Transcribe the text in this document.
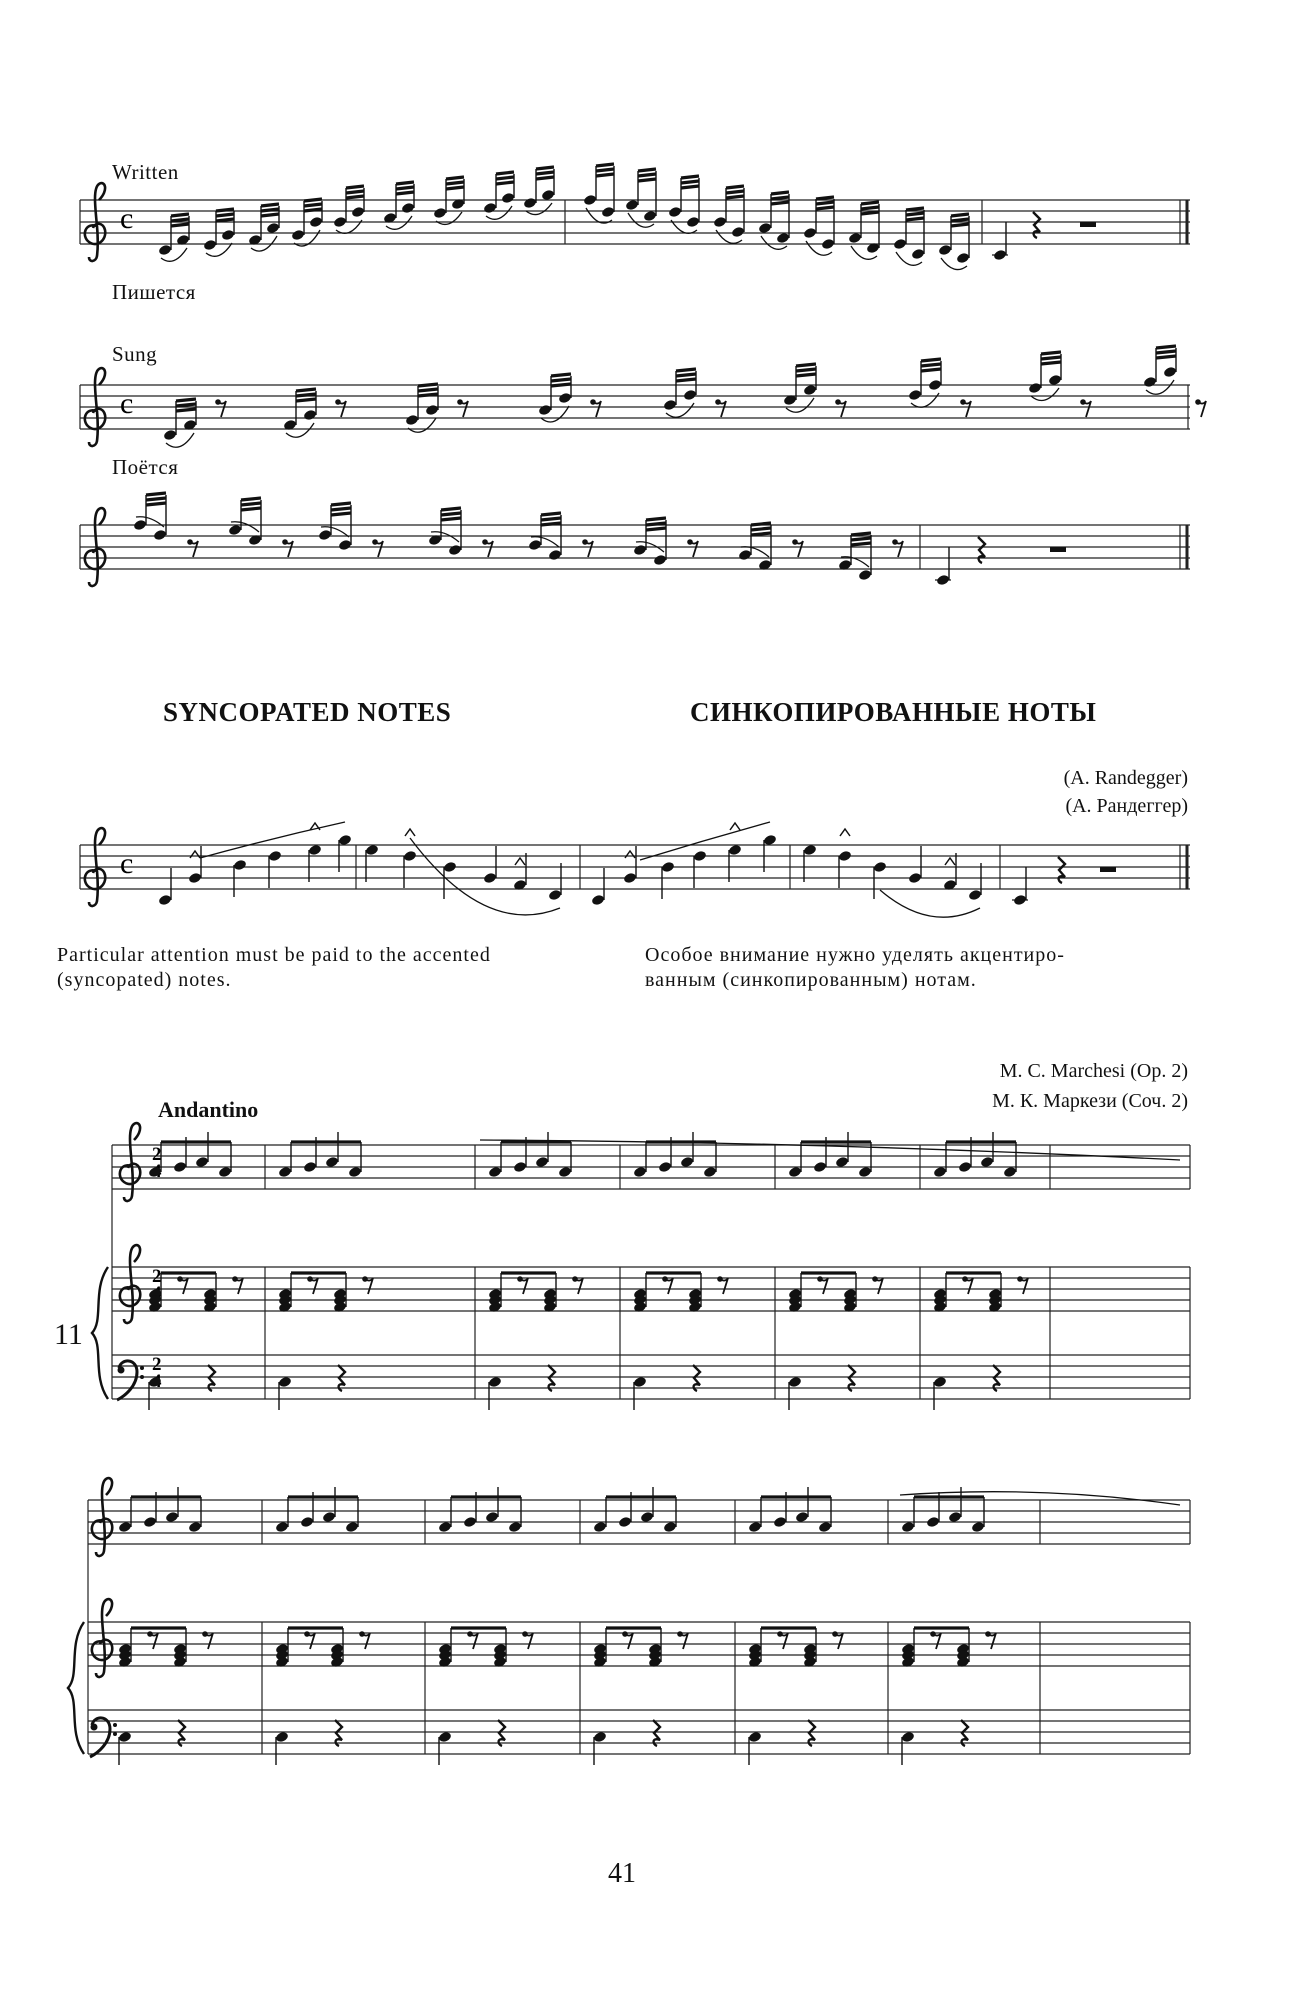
Written
Пишется
Sung
Поётся
SYNCOPATED NOTES	СИНКОПИРОВАННЫЕ НОТЫ
(A. Randegger)
(А. Рандеггер)
Particular attention must be paid to the accented
(syncopated) notes.
Особое внимание нужно уделять акцентиро-
ванным (синкопированным) нотам.
M. C. Marchesi (Op. 2)
М. К. Маркези (Соч. 2)
Andantino
11
41
c
c
c
2
2
2
